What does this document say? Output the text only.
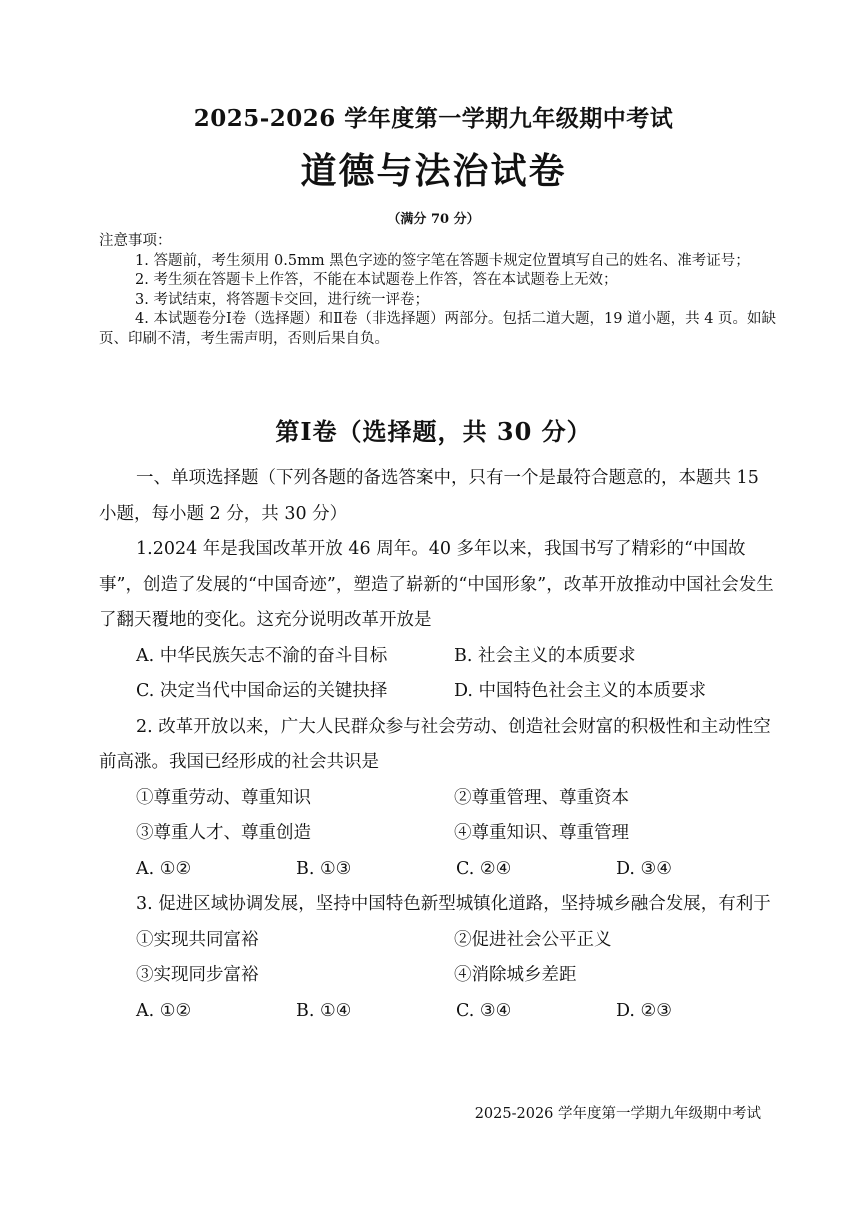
2025-2026 学年度第一学期九年级期中考试
道德与法治试卷
（满分 70 分）
注意事项：
1. 答题前，考生须用 0.5mm 黑色字迹的签字笔在答题卡规定位置填写自己的姓名、准考证号；
2. 考生须在答题卡上作答，不能在本试题卷上作答，答在本试题卷上无效；
3. 考试结束，将答题卡交回，进行统一评卷；
4. 本试题卷分Ⅰ卷（选择题）和Ⅱ卷（非选择题）两部分。包括二道大题，19 道小题，共 4 页。如缺页、印刷不清，考生需声明，否则后果自负。
第Ⅰ卷（选择题，共 30 分）
一、单项选择题（下列各题的备选答案中，只有一个是最符合题意的，本题共 15 小题，每小题 2 分，共 30 分）
1.2024 年是我国改革开放 46 周年。40 多年以来，我国书写了精彩的“中国故事”，创造了发展的“中国奇迹”，塑造了崭新的“中国形象”，改革开放推动中国社会发生了翻天覆地的变化。这充分说明改革开放是
A. 中华民族矢志不渝的奋斗目标	B. 社会主义的本质要求
C. 决定当代中国命运的关键抉择	D. 中国特色社会主义的本质要求
2. 改革开放以来，广大人民群众参与社会劳动、创造社会财富的积极性和主动性空前高涨。我国已经形成的社会共识是
①尊重劳动、尊重知识	②尊重管理、尊重资本
③尊重人才、尊重创造	④尊重知识、尊重管理
A. ①②	B. ①③	C. ②④	D. ③④
3. 促进区域协调发展，坚持中国特色新型城镇化道路，坚持城乡融合发展，有利于
①实现共同富裕	②促进社会公平正义
③实现同步富裕	④消除城乡差距
A. ①②	B. ①④	C. ③④	D. ②③
2025-2026 学年度第一学期九年级期中考试
